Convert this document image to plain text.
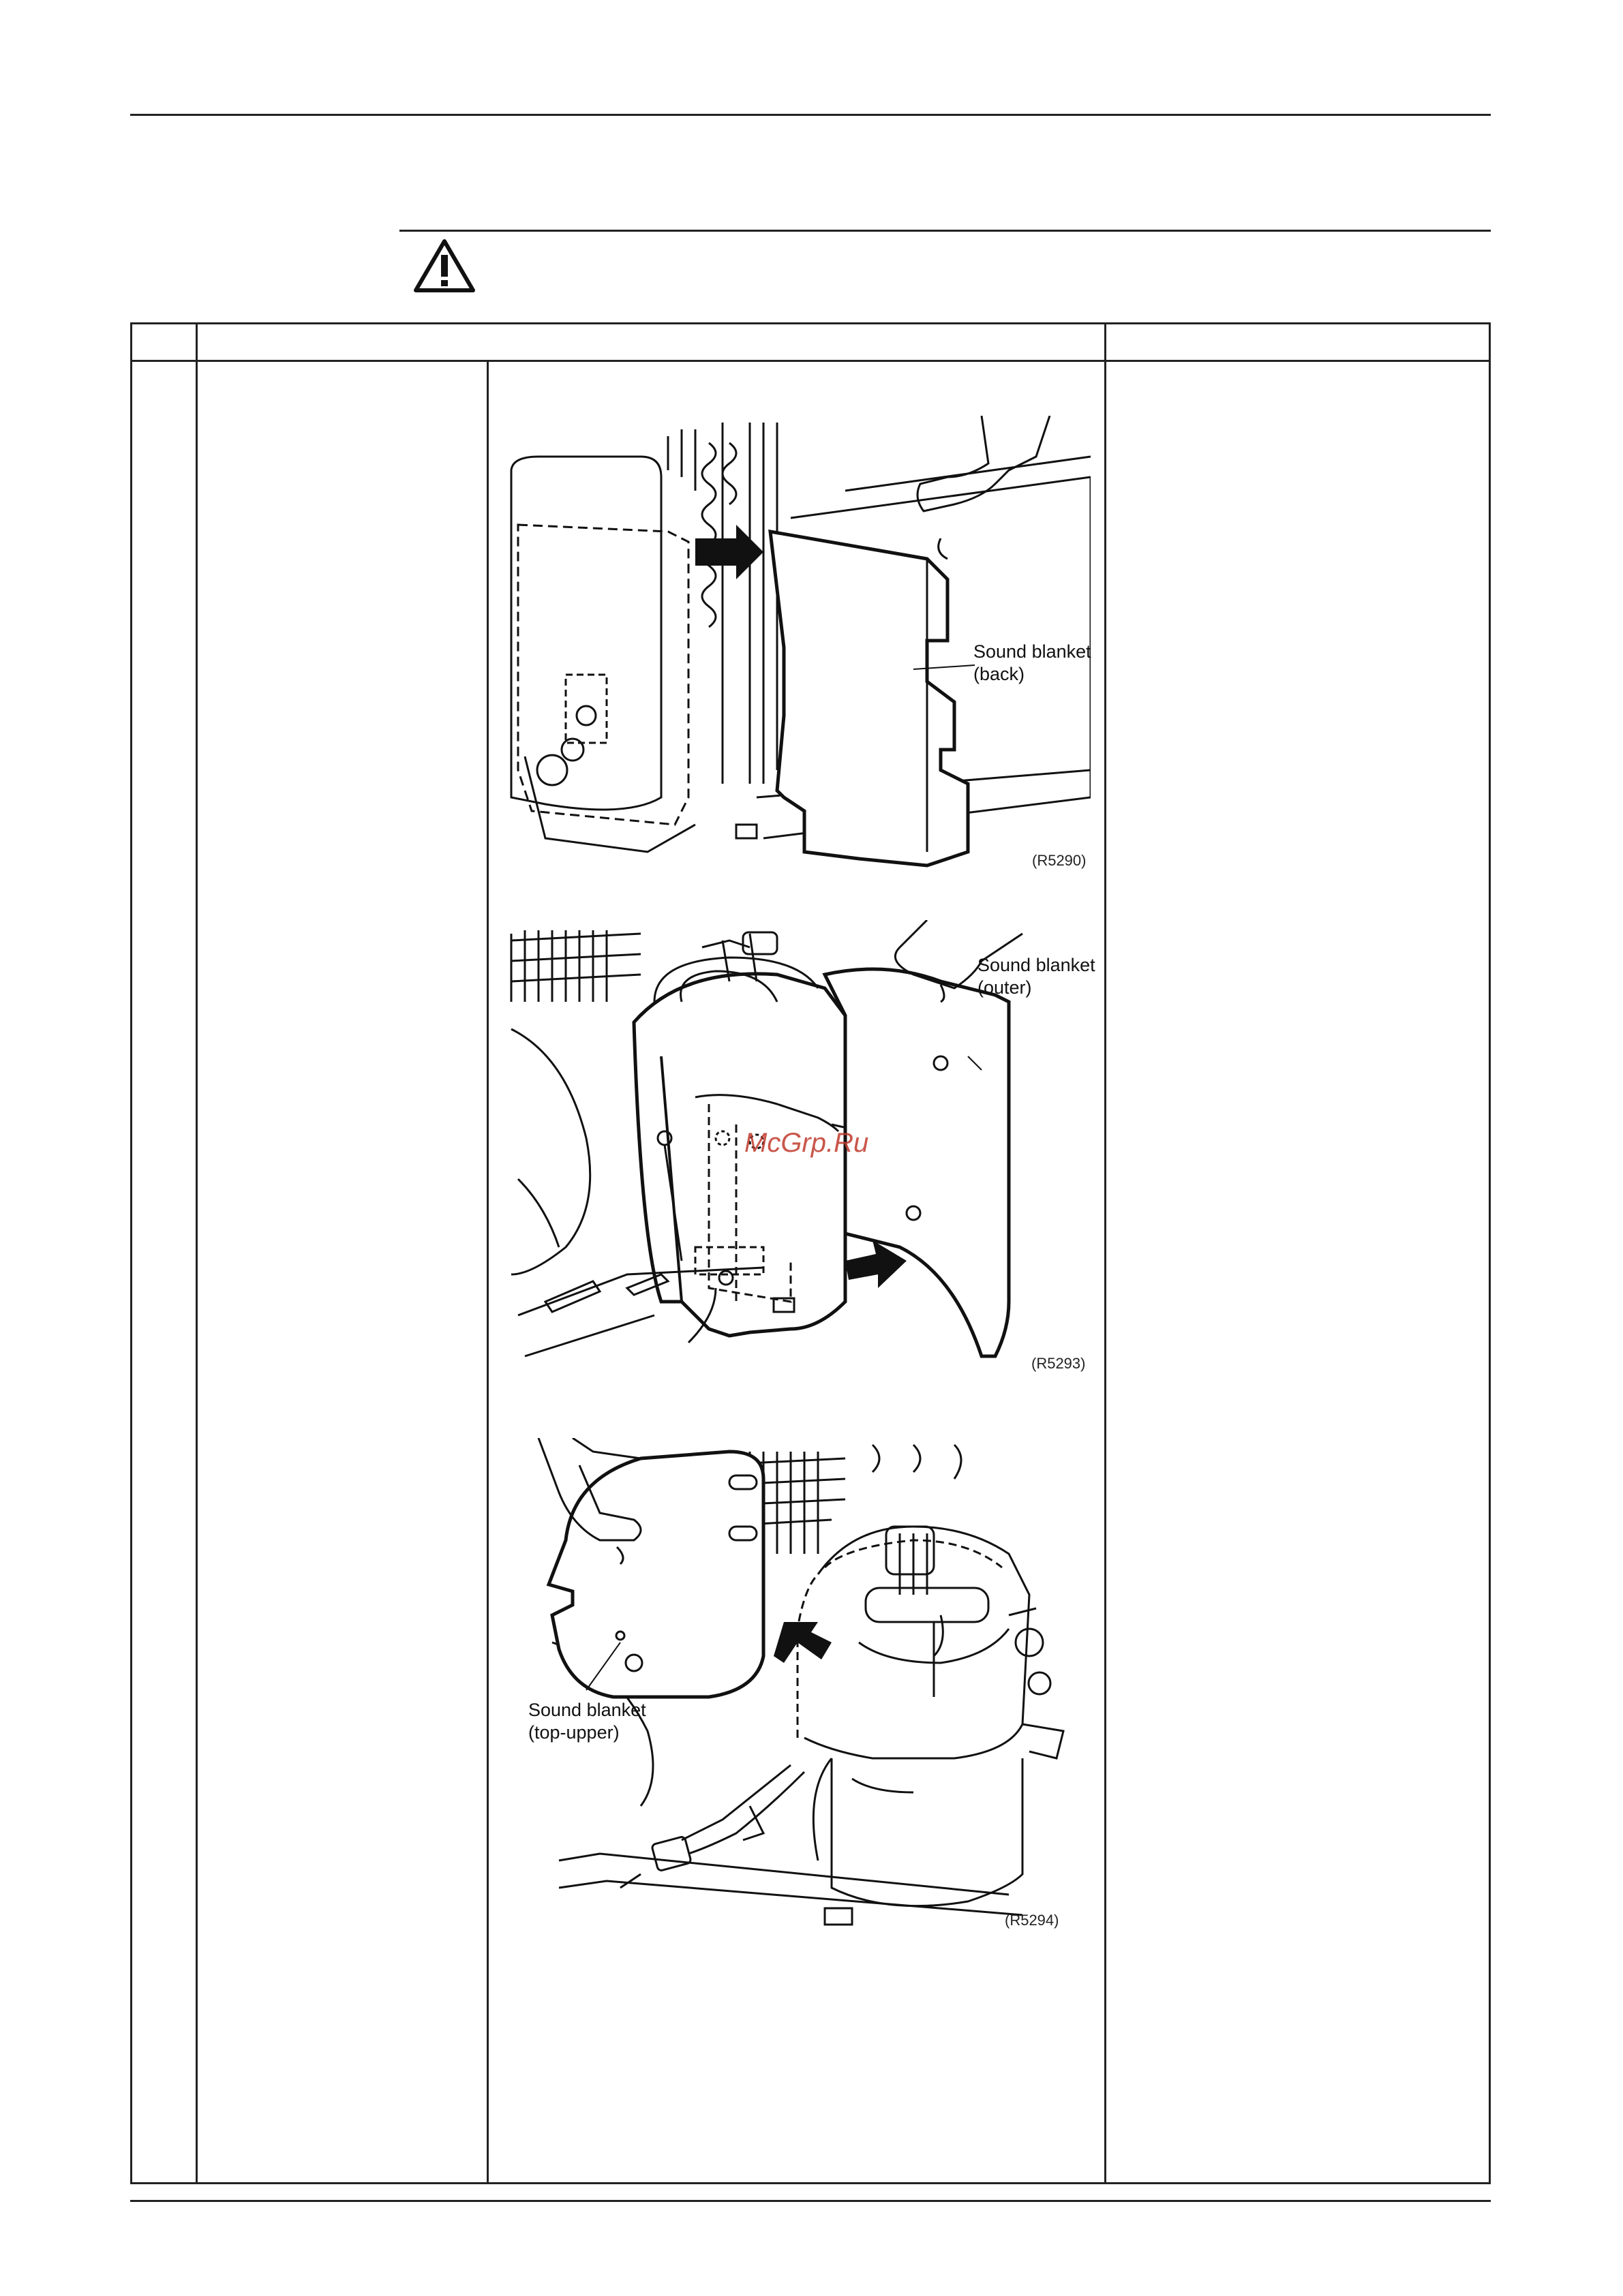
Sound blanket
(back)
(R5290)
McGrp.Ru
Sound blanket
(outer)
(R5293)
Sound blanket
(top-upper)
(R5294)
